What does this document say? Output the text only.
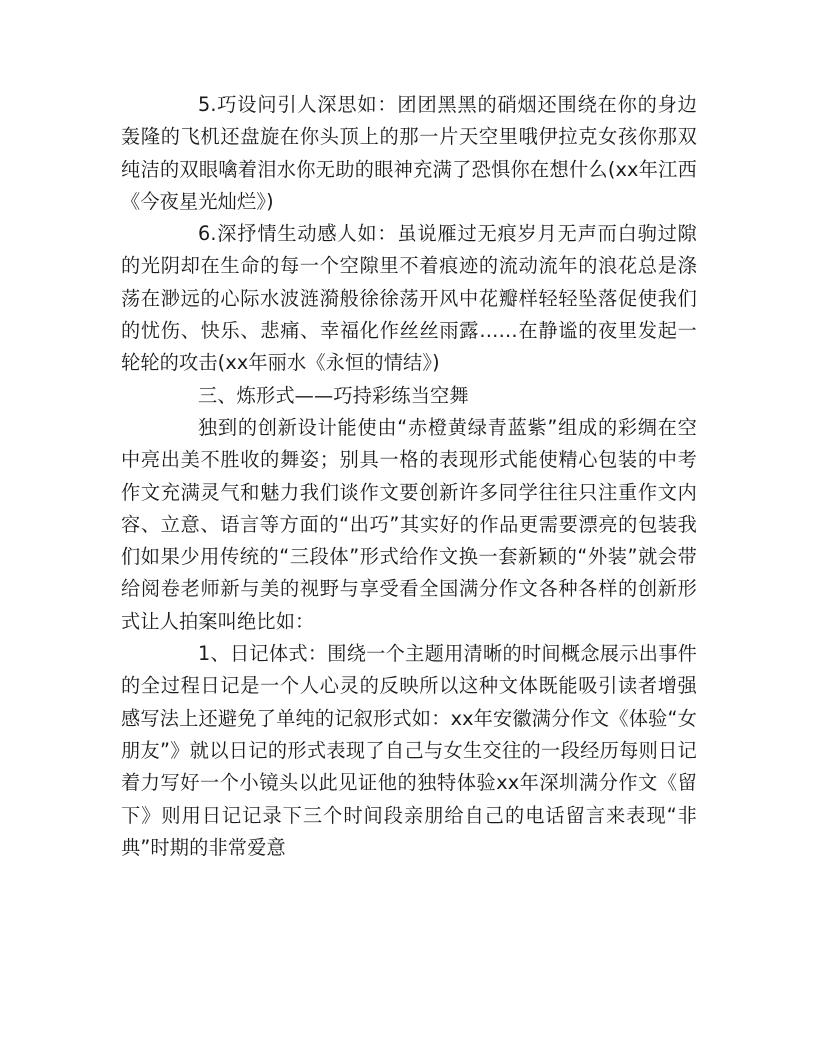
5.巧设问引人深思如：团团黑黑的硝烟还围绕在你的身边轰隆的飞机还盘旋在你头顶上的那一片天空里哦伊拉克女孩你那双纯洁的双眼噙着泪水你无助的眼神充满了恐惧你在想什么(xx年江西《今夜星光灿烂》)

6.深抒情生动感人如：虽说雁过无痕岁月无声而白驹过隙的光阴却在生命的每一个空隙里不着痕迹的流动流年的浪花总是涤荡在渺远的心际水波涟漪般徐徐荡开风中花瓣样轻轻坠落促使我们的忧伤、快乐、悲痛、幸福化作丝丝雨露……在静谧的夜里发起一轮轮的攻击(xx年丽水《永恒的情结》)

三、炼形式——巧持彩练当空舞

独到的创新设计能使由“赤橙黄绿青蓝紫”组成的彩绸在空中亮出美不胜收的舞姿；别具一格的表现形式能使精心包装的中考作文充满灵气和魅力我们谈作文要创新许多同学往往只注重作文内容、立意、语言等方面的“出巧”其实好的作品更需要漂亮的包装我们如果少用传统的“三段体”形式给作文换一套新颖的“外装”就会带给阅卷老师新与美的视野与享受看全国满分作文各种各样的创新形式让人拍案叫绝比如：

1、日记体式：围绕一个主题用清晰的时间概念展示出事件的全过程日记是一个人心灵的反映所以这种文体既能吸引读者增强感写法上还避免了单纯的记叙形式如：xx年安徽满分作文《体验“女朋友”》就以日记的形式表现了自己与女生交往的一段经历每则日记着力写好一个小镜头以此见证他的独特体验xx年深圳满分作文《留下》则用日记记录下三个时间段亲朋给自己的电话留言来表现“非典”时期的非常爱意
